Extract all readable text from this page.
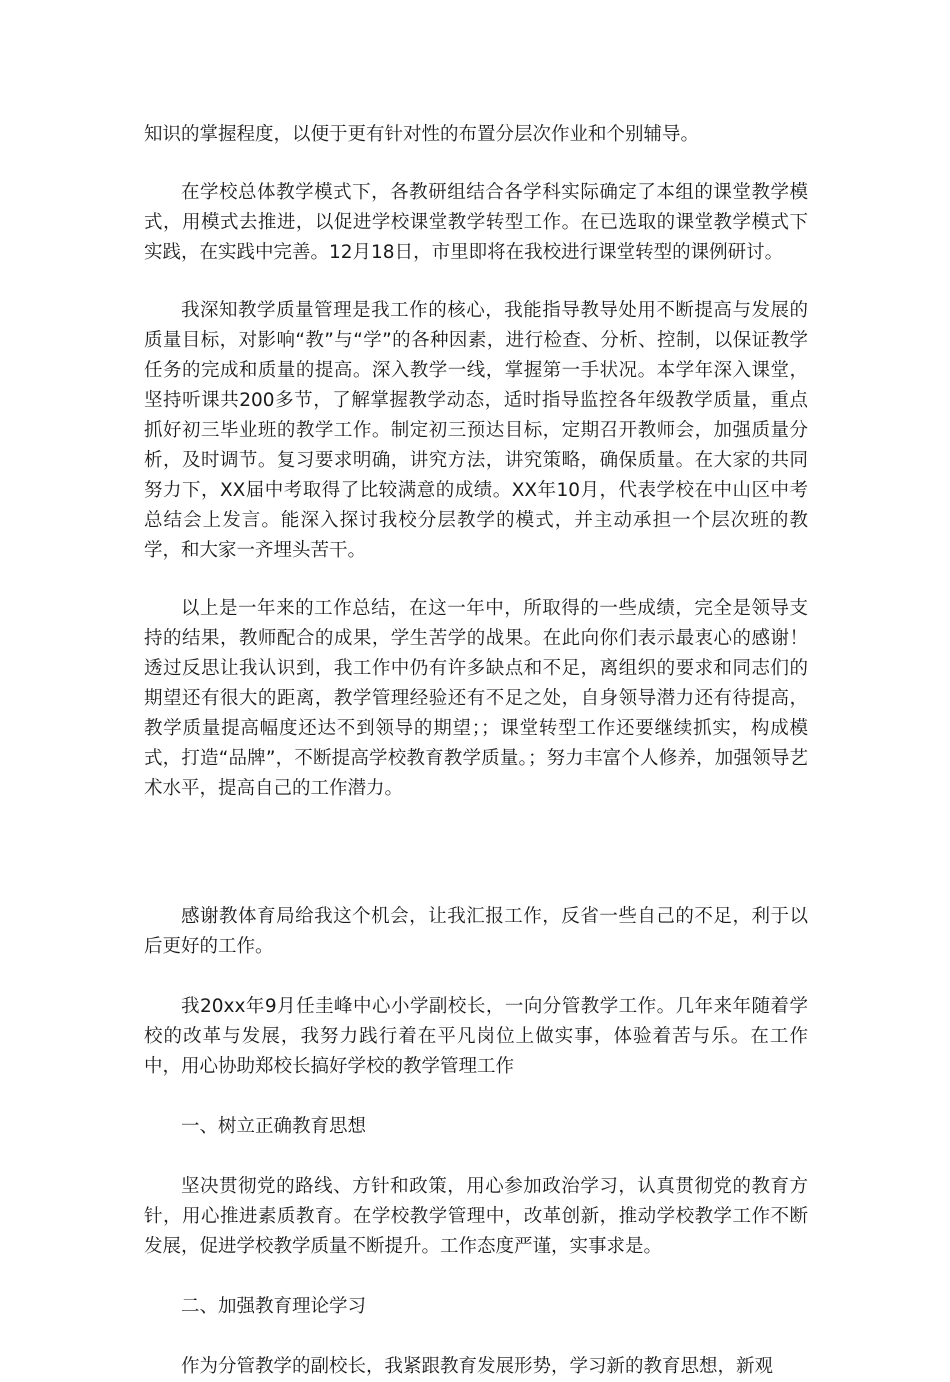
知识的掌握程度，以便于更有针对性的布置分层次作业和个别辅导。

在学校总体教学模式下，各教研组结合各学科实际确定了本组的课堂教学模式，用模式去推进，以促进学校课堂教学转型工作。在已选取的课堂教学模式下实践，在实践中完善。12月18日，市里即将在我校进行课堂转型的课例研讨。

我深知教学质量管理是我工作的核心，我能指导教导处用不断提高与发展的质量目标，对影响“教”与“学”的各种因素，进行检查、分析、控制，以保证教学任务的完成和质量的提高。深入教学一线，掌握第一手状况。本学年深入课堂，坚持听课共200多节，了解掌握教学动态，适时指导监控各年级教学质量，重点抓好初三毕业班的教学工作。制定初三预达目标，定期召开教师会，加强质量分析，及时调节。复习要求明确，讲究方法，讲究策略，确保质量。在大家的共同努力下，XX届中考取得了比较满意的成绩。XX年10月，代表学校在中山区中考总结会上发言。能深入探讨我校分层教学的模式，并主动承担一个层次班的教学，和大家一齐埋头苦干。

以上是一年来的工作总结，在这一年中，所取得的一些成绩，完全是领导支持的结果，教师配合的成果，学生苦学的战果。在此向你们表示最衷心的感谢！透过反思让我认识到，我工作中仍有许多缺点和不足，离组织的要求和同志们的期望还有很大的距离，教学管理经验还有不足之处，自身领导潜力还有待提高，教学质量提高幅度还达不到领导的期望；；课堂转型工作还要继续抓实，构成模式，打造“品牌”，不断提高学校教育教学质量。；努力丰富个人修养，加强领导艺术水平，提高自己的工作潜力。

感谢教体育局给我这个机会，让我汇报工作，反省一些自己的不足，利于以后更好的工作。

我20xx年9月任圭峰中心小学副校长，一向分管教学工作。几年来年随着学校的改革与发展，我努力践行着在平凡岗位上做实事，体验着苦与乐。在工作中，用心协助郑校长搞好学校的教学管理工作

一、树立正确教育思想

坚决贯彻党的路线、方针和政策，用心参加政治学习，认真贯彻党的教育方针，用心推进素质教育。在学校教学管理中，改革创新，推动学校教学工作不断发展，促进学校教学质量不断提升。工作态度严谨，实事求是。

二、加强教育理论学习

作为分管教学的副校长，我紧跟教育发展形势，学习新的教育思想，新观
